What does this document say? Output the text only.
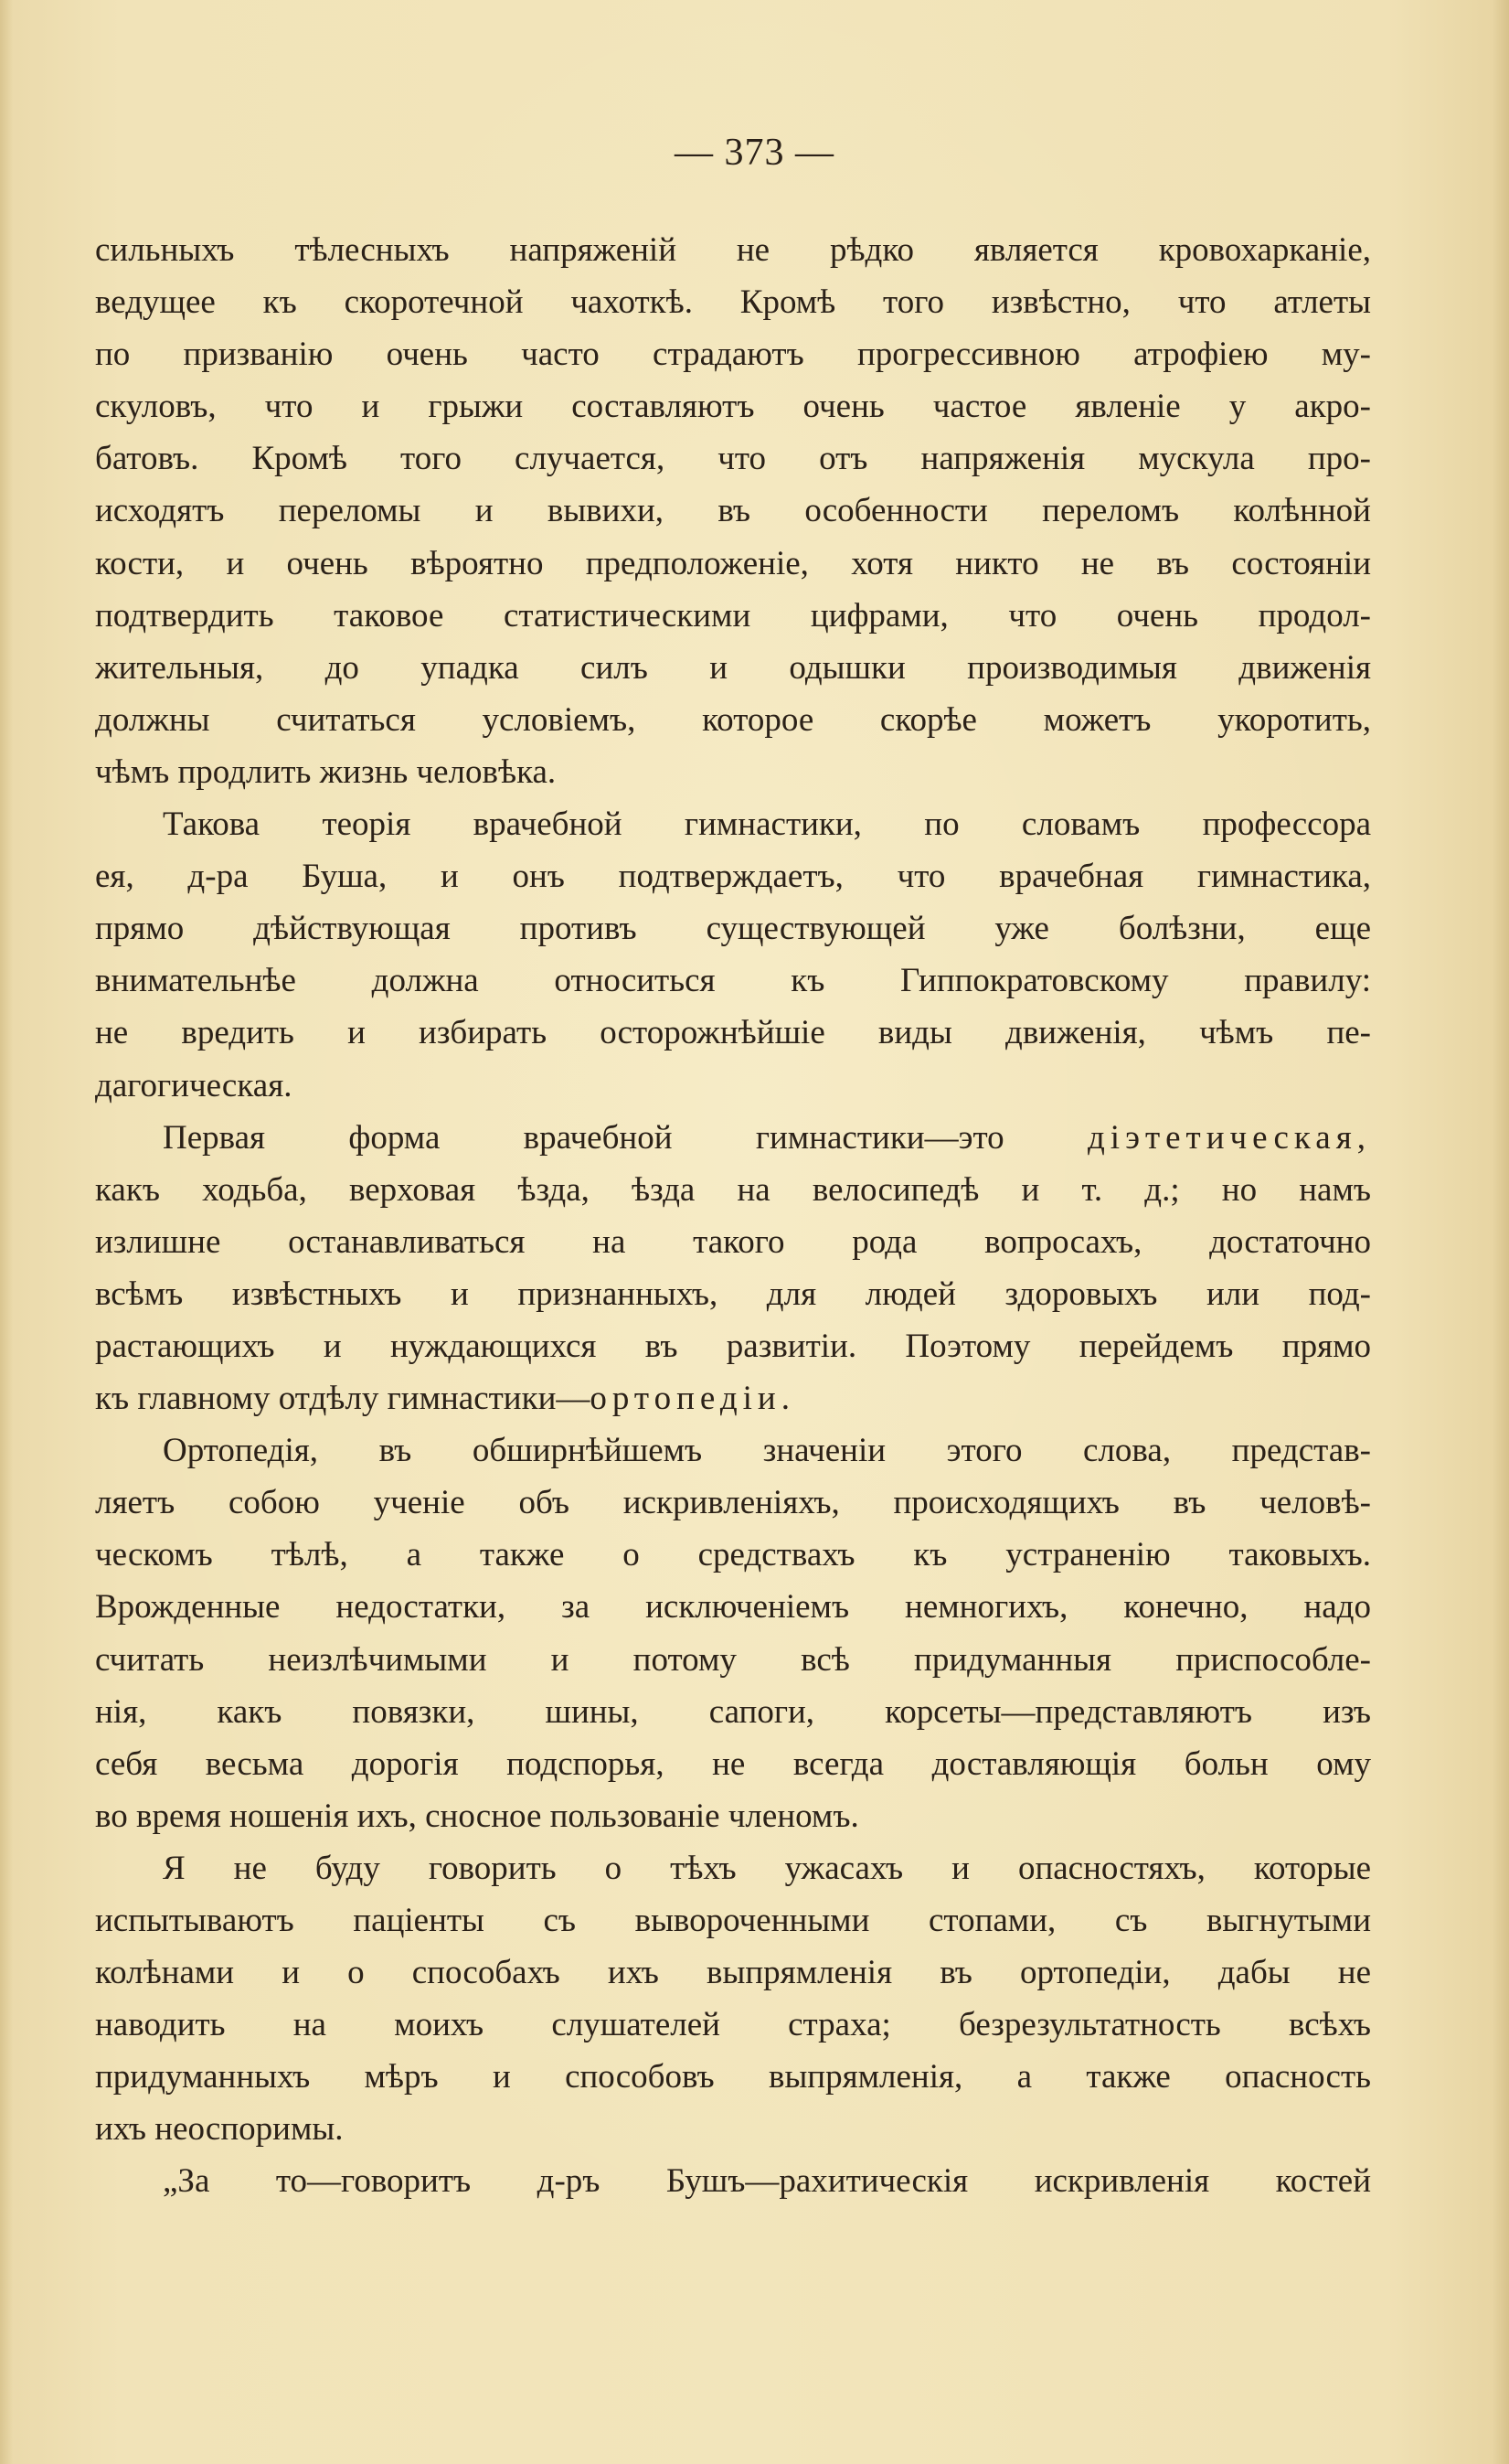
— 373 —
сильныхъ тѣлесныхъ напряженій не рѣдко является кровохарканіе,
ведущее къ скоротечной чахоткѣ. Кромѣ того извѣстно, что атлеты
по призванію очень часто страдаютъ прогрессивною атрофіею му-
скуловъ, что и грыжи составляютъ очень частое явленіе у акро-
батовъ. Кромѣ того случается, что отъ напряженія мускула про-
исходятъ переломы и вывихи, въ особенности переломъ колѣнной
кости, и очень вѣроятно предположеніе, хотя никто не въ состояніи
подтвердить таковое статистическими цифрами, что очень продол-
жительныя, до упадка силъ и одышки производимыя движенія
должны считаться условіемъ, которое скорѣе можетъ укоротить,
чѣмъ продлить жизнь человѣка.
Такова теорія врачебной гимнастики, по словамъ профессора
ея, д-ра Буша, и онъ подтверждаетъ, что врачебная гимнастика,
прямо дѣйствующая противъ существующей уже болѣзни, еще
внимательнѣе должна относиться къ Гиппократовскому правилу:
не вредить и избирать осторожнѣйшіе виды движенія, чѣмъ пе-
дагогическая.
Первая форма врачебной гимнастики—это діэтетическая,
какъ ходьба, верховая ѣзда, ѣзда на велосипедѣ и т. д.; но намъ
излишне останавливаться на такого рода вопросахъ, достаточно
всѣмъ извѣстныхъ и признанныхъ, для людей здоровыхъ или под-
растающихъ и нуждающихся въ развитіи. Поэтому перейдемъ прямо
къ главному отдѣлу гимнастики—ортопедіи.
Ортопедія, въ обширнѣйшемъ значеніи этого слова, представ-
ляетъ собою ученіе объ искривленіяхъ, происходящихъ въ человѣ-
ческомъ тѣлѣ, а также о средствахъ къ устраненію таковыхъ.
Врожденные недостатки, за исключеніемъ немногихъ, конечно, надо
считать неизлѣчимыми и потому всѣ придуманныя приспособле-
нія, какъ повязки, шины, сапоги, корсеты—представляютъ изъ
себя весьма дорогія подспорья, не всегда доставляющія больн ому
во время ношенія ихъ, сносное пользованіе членомъ.
Я не буду говорить о тѣхъ ужасахъ и опасностяхъ, которые
испытываютъ паціенты съ вывороченными стопами, съ выгнутыми
колѣнами и о способахъ ихъ выпрямленія въ ортопедіи, дабы не
наводить на моихъ слушателей страха; безрезультатность всѣхъ
придуманныхъ мѣръ и способовъ выпрямленія, а также опасность
ихъ неоспоримы.
„За то—говоритъ д-ръ Бушъ—рахитическія искривленія костей
